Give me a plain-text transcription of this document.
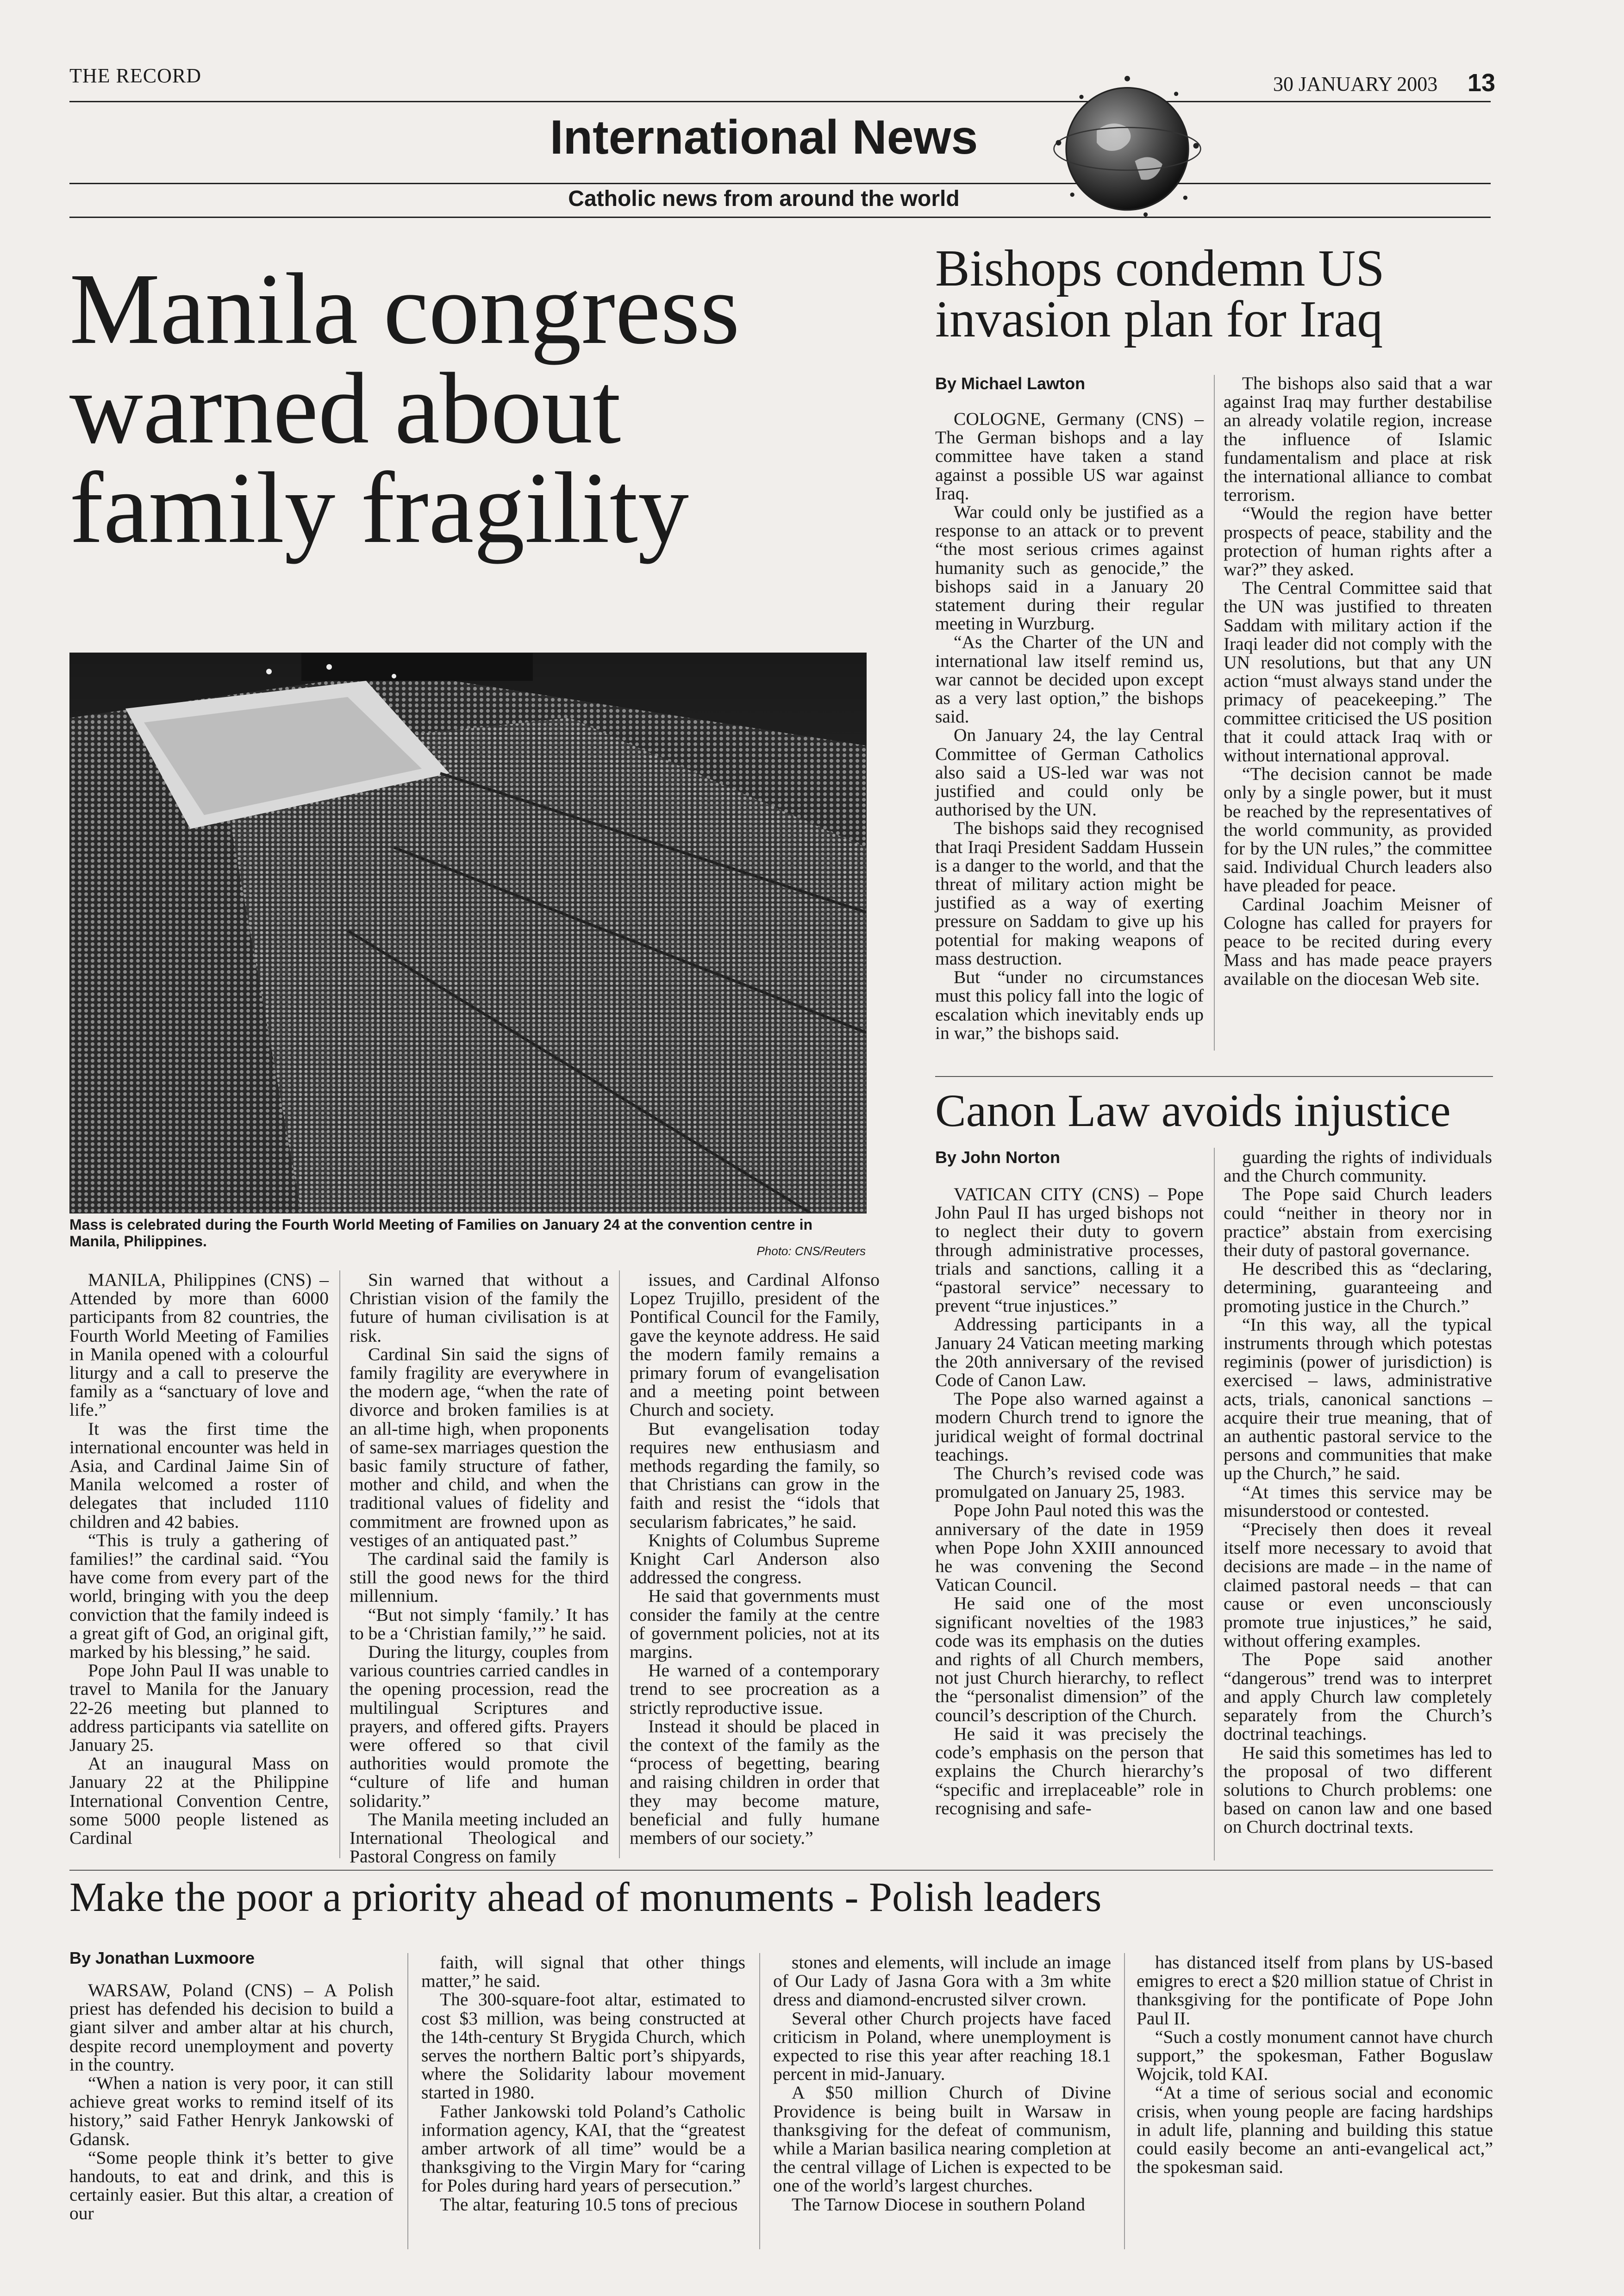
THE RECORD	30 JANUARY 2003 13
International News
Catholic news from around the world
Manila congress
warned about
family fragility
Mass is celebrated during the Fourth World Meeting of Families on January 24 at the convention centre in Manila, Philippines.
Photo: CNS/Reuters

MANILA, Philippines (CNS) – Attended by more than 6000 participants from 82 countries, the Fourth World Meeting of Families in Manila opened with a colourful liturgy and a call to preserve the family as a “sanctuary of love and life.”

It was the first time the international encounter was held in Asia, and Cardinal Jaime Sin of Manila welcomed a roster of delegates that included 1110 children and 42 babies.

“This is truly a gathering of families!” the cardinal said. “You have come from every part of the world, bringing with you the deep conviction that the family indeed is a great gift of God, an original gift, marked by his blessing,” he said.

Pope John Paul II was unable to travel to Manila for the January 22-26 meeting but planned to address participants via satellite on January 25.

At an inaugural Mass on January 22 at the Philippine International Convention Centre, some 5000 people listened as Cardinal

Sin warned that without a Christian vision of the family the future of human civilisation is at risk.

Cardinal Sin said the signs of family fragility are everywhere in the modern age, “when the rate of divorce and broken families is at an all-time high, when proponents of same-sex marriages question the basic family structure of father, mother and child, and when the traditional values of fidelity and commitment are frowned upon as vestiges of an antiquated past.”

The cardinal said the family is still the good news for the third millennium.

“But not simply ‘family.’ It has to be a ‘Christian family,’” he said.

During the liturgy, couples from various countries carried candles in the opening procession, read the multilingual Scriptures and prayers, and offered gifts. Prayers were offered so that civil authorities would promote the “culture of life and human solidarity.”

The Manila meeting included an International Theological and Pastoral Congress on family

issues, and Cardinal Alfonso Lopez Trujillo, president of the Pontifical Council for the Family, gave the keynote address. He said the modern family remains a primary forum of evangelisation and a meeting point between Church and society.

But evangelisation today requires new enthusiasm and methods regarding the family, so that Christians can grow in the faith and resist the “idols that secularism fabricates,” he said.

Knights of Columbus Supreme Knight Carl Anderson also addressed the congress.

He said that governments must consider the family at the centre of government policies, not at its margins.

He warned of a contemporary trend to see procreation as a strictly reproductive issue.

Instead it should be placed in the context of the family as the “process of begetting, bearing and raising children in order that they may become mature, beneficial and fully humane members of our society.”

Bishops condemn US
invasion plan for Iraq
By Michael Lawton

COLOGNE, Germany (CNS) – The German bishops and a lay committee have taken a stand against a possible US war against Iraq.

War could only be justified as a response to an attack or to prevent “the most serious crimes against humanity such as genocide,” the bishops said in a January 20 statement during their regular meeting in Wurzburg.

“As the Charter of the UN and international law itself remind us, war cannot be decided upon except as a very last option,” the bishops said.

On January 24, the lay Central Committee of German Catholics also said a US-led war was not justified and could only be authorised by the UN.

The bishops said they recognised that Iraqi President Saddam Hussein is a danger to the world, and that the threat of military action might be justified as a way of exerting pressure on Saddam to give up his potential for making weapons of mass destruction.

But “under no circumstances must this policy fall into the logic of escalation which inevitably ends up in war,” the bishops said.

The bishops also said that a war against Iraq may further destabilise an already volatile region, increase the influence of Islamic fundamentalism and place at risk the international alliance to combat terrorism.

“Would the region have better prospects of peace, stability and the protection of human rights after a war?” they asked.

The Central Committee said that the UN was justified to threaten Saddam with military action if the Iraqi leader did not comply with the UN resolutions, but that any UN action “must always stand under the primacy of peacekeeping.” The committee criticised the US position that it could attack Iraq with or without international approval.

“The decision cannot be made only by a single power, but it must be reached by the representatives of the world community, as provided for by the UN rules,” the committee said. Individual Church leaders also have pleaded for peace.

Cardinal Joachim Meisner of Cologne has called for prayers for peace to be recited during every Mass and has made peace prayers available on the diocesan Web site.

Canon Law avoids injustice
By John Norton

VATICAN CITY (CNS) – Pope John Paul II has urged bishops not to neglect their duty to govern through administrative processes, trials and sanctions, calling it a “pastoral service” necessary to prevent “true injustices.”

Addressing participants in a January 24 Vatican meeting marking the 20th anniversary of the revised Code of Canon Law.

The Pope also warned against a modern Church trend to ignore the juridical weight of formal doctrinal teachings.

The Church’s revised code was promulgated on January 25, 1983.

Pope John Paul noted this was the anniversary of the date in 1959 when Pope John XXIII announced he was convening the Second Vatican Council.

He said one of the most significant novelties of the 1983 code was its emphasis on the duties and rights of all Church members, not just Church hierarchy, to reflect the “personalist dimension” of the council’s description of the Church.

He said it was precisely the code’s emphasis on the person that explains the Church hierarchy’s “specific and irreplaceable” role in recognising and safe-

guarding the rights of individuals and the Church community.

The Pope said Church leaders could “neither in theory nor in practice” abstain from exercising their duty of pastoral governance.

He described this as “declaring, determining, guaranteeing and promoting justice in the Church.”

“In this way, all the typical instruments through which potestas regiminis (power of jurisdiction) is exercised – laws, administrative acts, trials, canonical sanctions – acquire their true meaning, that of an authentic pastoral service to the persons and communities that make up the Church,” he said.

“At times this service may be misunderstood or contested.

“Precisely then does it reveal itself more necessary to avoid that decisions are made – in the name of claimed pastoral needs – that can cause or even unconsciously promote true injustices,” he said, without offering examples.

The Pope said another “dangerous” trend was to interpret and apply Church law completely separately from the Church’s doctrinal teachings.

He said this sometimes has led to the proposal of two different solutions to Church problems: one based on canon law and one based on Church doctrinal texts.

Make the poor a priority ahead of monuments - Polish leaders
By Jonathan Luxmoore

WARSAW, Poland (CNS) – A Polish priest has defended his decision to build a giant silver and amber altar at his church, despite record unemployment and poverty in the country.

“When a nation is very poor, it can still achieve great works to remind itself of its history,” said Father Henryk Jankowski of Gdansk.

“Some people think it’s better to give handouts, to eat and drink, and this is certainly easier. But this altar, a creation of our

faith, will signal that other things matter,” he said.

The 300-square-foot altar, estimated to cost $3 million, was being constructed at the 14th-century St Brygida Church, which serves the northern Baltic port’s shipyards, where the Solidarity labour movement started in 1980.

Father Jankowski told Poland’s Catholic information agency, KAI, that the “greatest amber artwork of all time” would be a thanksgiving to the Virgin Mary for “caring for Poles during hard years of persecution.”

The altar, featuring 10.5 tons of precious

stones and elements, will include an image of Our Lady of Jasna Gora with a 3m white dress and diamond-encrusted silver crown.

Several other Church projects have faced criticism in Poland, where unemployment is expected to rise this year after reaching 18.1 percent in mid-January.

A $50 million Church of Divine Providence is being built in Warsaw in thanksgiving for the defeat of communism, while a Marian basilica nearing completion at the central village of Lichen is expected to be one of the world’s largest churches.

The Tarnow Diocese in southern Poland

has distanced itself from plans by US-based emigres to erect a $20 million statue of Christ in thanksgiving for the pontificate of Pope John Paul II.

“Such a costly monument cannot have church support,” the spokesman, Father Boguslaw Wojcik, told KAI.

“At a time of serious social and economic crisis, when young people are facing hardships in adult life, planning and building this statue could easily become an anti-evangelical act,” the spokesman said.
